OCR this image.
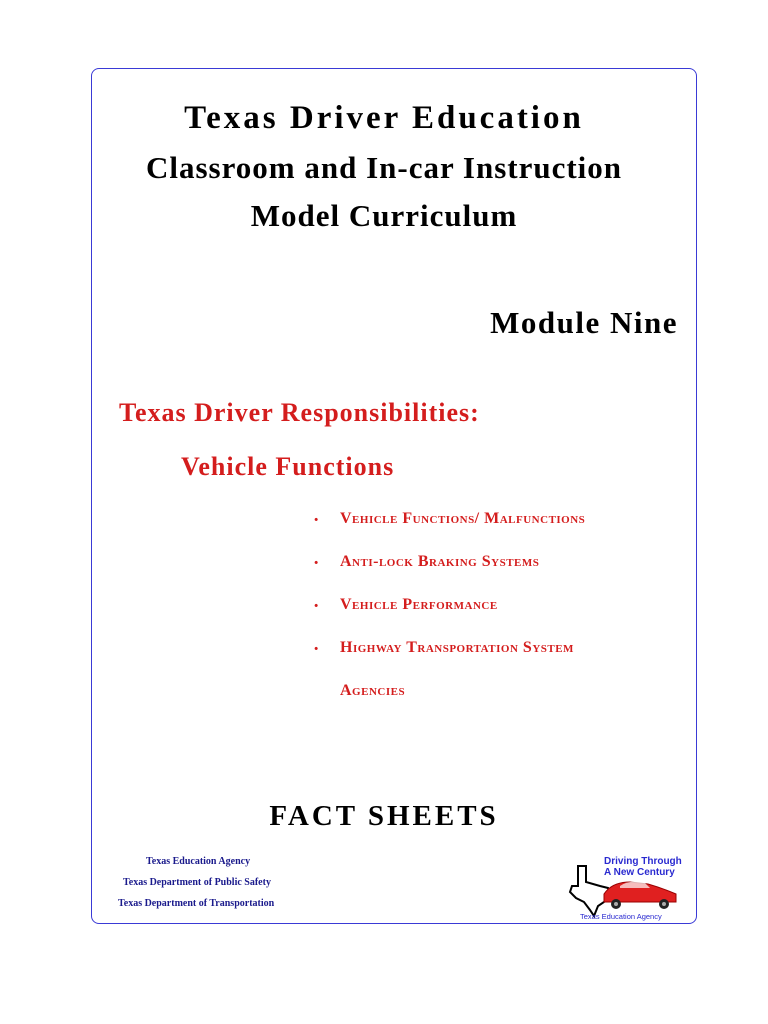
Texas Driver Education
Classroom and In-car Instruction
Model Curriculum
Module Nine
Texas Driver Responsibilities:
Vehicle Functions
· Vehicle Functions/ Malfunctions
· Anti-lock Braking Systems
· Vehicle Performance
· Highway Transportation System
Agencies
FACT SHEETS
Texas Education Agency
Texas Department of Public Safety
Texas Department of Transportation
Driving Through
A New Century
Texas Education Agency
